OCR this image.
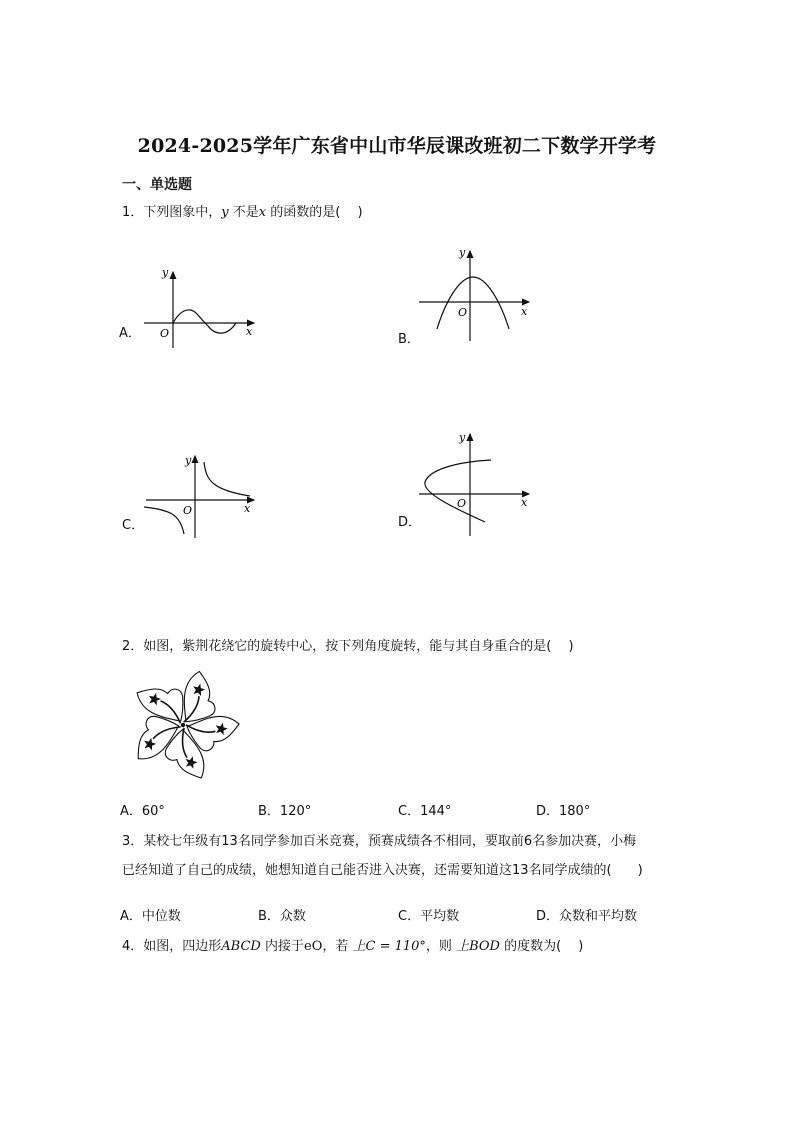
2024-2025学年广东省中山市华辰课改班初二下数学开学考
一、单选题
1．下列图象中，y 不是x 的函数的是(　 )
A．
y
x
O	B．
y
x
O
C．
y
x
O
D．
y
x
O
2．如图，紫荆花绕它的旋转中心，按下列角度旋转，能与其自身重合的是(　 )
A．60°	B．120°	C．144°	D．180°
3．某校七年级有13名同学参加百米竞赛，预赛成绩各不相同，要取前6名参加决赛，小梅
已经知道了自己的成绩，她想知道自己能否进入决赛，还需要知道这13名同学成绩的(　　)
A．中位数	B．众数	C．平均数	D．众数和平均数
4．如图，四边形ABCD 内接于eO，若 上C = 110°，则 上BOD 的度数为(　 )
